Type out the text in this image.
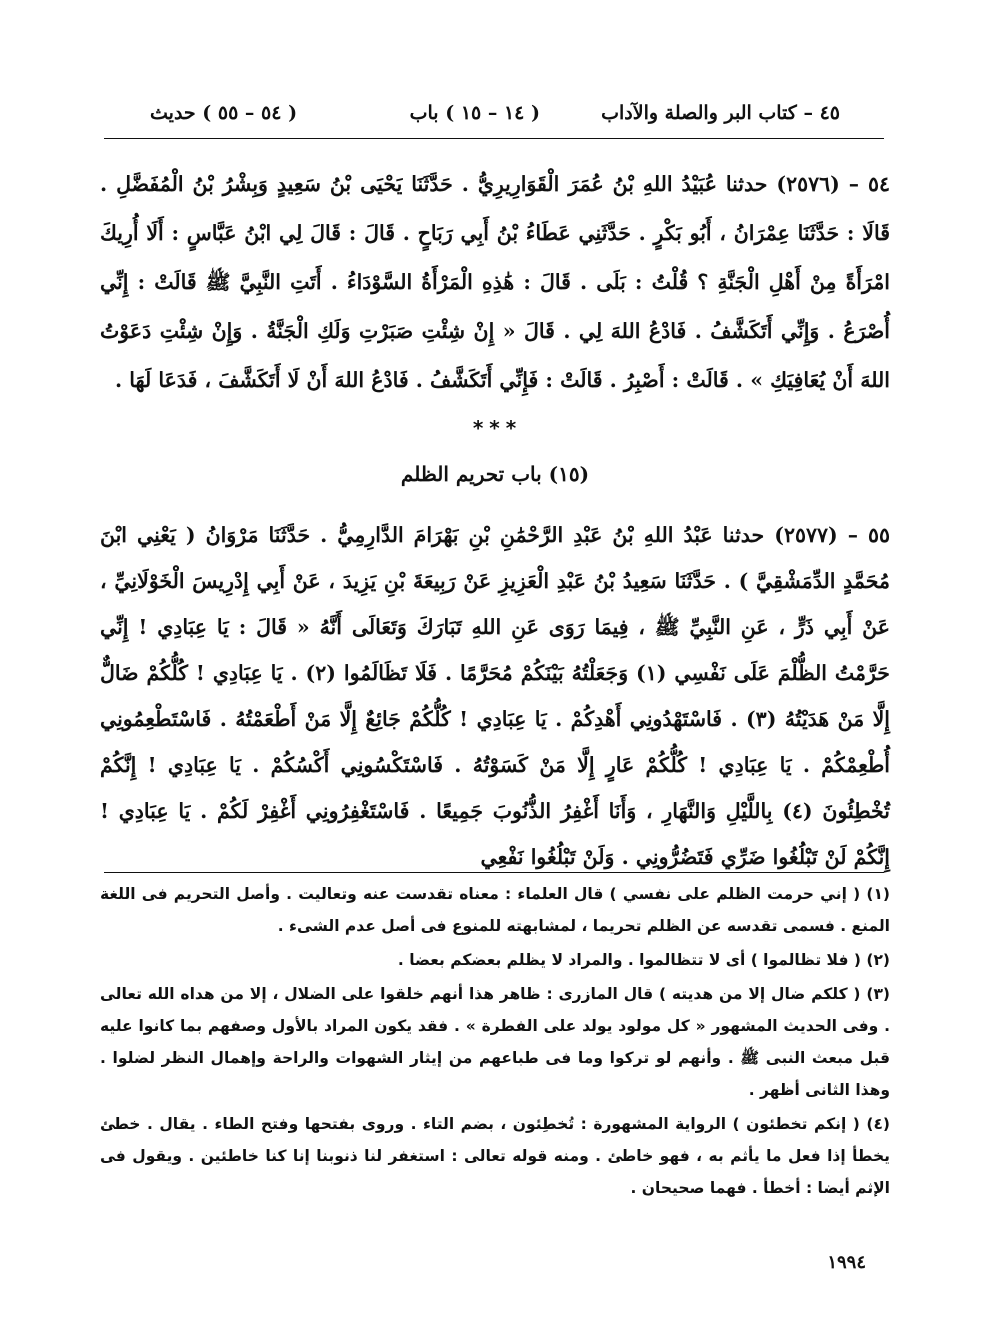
٤٥ – كتاب البر والصلة والآداب
( ٥٤ – ٥٥ ) حديث	( ١٤ – ١٥ ) باب
٥٤ – (٢٥٧٦) حدثنا عُبَيْدُ اللهِ بْنُ عُمَرَ الْقَوَارِيرِيُّ . حَدَّثَنَا يَحْيَى بْنُ سَعِيدٍ وَبِشْرُ بْنُ الْمُفَضَّلِ . قَالَا : حَدَّثَنَا عِمْرَانُ ، أَبُو بَكْرٍ . حَدَّثَنِي عَطَاءُ بْنُ أَبِي رَبَاحٍ . قَالَ : قَالَ لِي ابْنُ عَبَّاسٍ : أَلَا أُرِيكَ امْرَأَةً مِنْ أَهْلِ الْجَنَّةِ ؟ قُلْتُ : بَلَى . قَالَ : هَٰذِهِ الْمَرْأَةُ السَّوْدَاءُ . أَتَتِ النَّبِيَّ ﷺ قَالَتْ : إِنِّي أُصْرَعُ . وَإِنِّي أَتَكَشَّفُ . فَادْعُ اللهَ لِي . قَالَ « إِنْ شِئْتِ صَبَرْتِ وَلَكِ الْجَنَّةُ . وَإِنْ شِئْتِ دَعَوْتُ اللهَ أَنْ يُعَافِيَكِ » . قَالَتْ : أَصْبِرُ . قَالَتْ : فَإِنِّي أَتَكَشَّفُ . فَادْعُ اللهَ أَنْ لَا أَتَكَشَّفَ ، فَدَعَا لَهَا .
* * *
(١٥) باب تحريم الظلم
٥٥ – (٢٥٧٧) حدثنا عَبْدُ اللهِ بْنُ عَبْدِ الرَّحْمَٰنِ بْنِ بَهْرَامَ الدَّارِمِيُّ . حَدَّثَنَا مَرْوَانُ ( يَعْنِي ابْنَ مُحَمَّدٍ الدِّمَشْقِيَّ ) . حَدَّثَنَا سَعِيدُ بْنُ عَبْدِ الْعَزِيزِ عَنْ رَبِيعَةَ بْنِ يَزِيدَ ، عَنْ أَبِي إِدْرِيسَ الْخَوْلَانِيِّ ، عَنْ أَبِي ذَرٍّ ، عَنِ النَّبِيِّ ﷺ ، فِيمَا رَوَى عَنِ اللهِ تَبَارَكَ وَتَعَالَى أَنَّهُ « قَالَ : يَا عِبَادِي ! إِنِّي حَرَّمْتُ الظُّلْمَ عَلَى نَفْسِي (١) وَجَعَلْتُهُ بَيْنَكُمْ مُحَرَّمًا . فَلَا تَظَالَمُوا (٢) . يَا عِبَادِي ! كُلُّكُمْ ضَالٌّ إِلَّا مَنْ هَدَيْتُهُ (٣) . فَاسْتَهْدُونِي أَهْدِكُمْ . يَا عِبَادِي ! كُلُّكُمْ جَائِعٌ إِلَّا مَنْ أَطْعَمْتُهُ . فَاسْتَطْعِمُونِي أُطْعِمْكُمْ . يَا عِبَادِي ! كُلُّكُمْ عَارٍ إِلَّا مَنْ كَسَوْتُهُ . فَاسْتَكْسُونِي أَكْسُكُمْ . يَا عِبَادِي ! إِنَّكُمْ تُخْطِئُونَ (٤) بِاللَّيْلِ وَالنَّهَارِ ، وَأَنَا أَغْفِرُ الذُّنُوبَ جَمِيعًا . فَاسْتَغْفِرُونِي أَغْفِرْ لَكُمْ . يَا عِبَادِي ! إِنَّكُمْ لَنْ تَبْلُغُوا ضَرِّي فَتَضُرُّونِي . وَلَنْ تَبْلُغُوا نَفْعِي

(١) ( إني حرمت الظلم على نفسي ) قال العلماء : معناه تقدست عنه وتعاليت . وأصل التحريم فى اللغة المنع . فسمى تقدسه عن الظلم تحريما ، لمشابهته للمنوع فى أصل عدم الشىء .

(٢) ( فلا تظالموا ) أى لا تتظالموا . والمراد لا يظلم بعضكم بعضا .

(٣) ( كلكم ضال إلا من هديته ) قال المازرى : ظاهر هذا أنهم خلقوا على الضلال ، إلا من هداه الله تعالى . وفى الحديث المشهور « كل مولود يولد على الفطرة » . فقد يكون المراد بالأول وصفهم بما كانوا عليه قبل مبعث النبى ﷺ . وأنهم لو تركوا وما فى طباعهم من إيثار الشهوات والراحة وإهمال النظر لضلوا . وهذا الثانى أظهر .

(٤) ( إنكم تخطئون ) الرواية المشهورة : تُخطِئون ، بضم التاء . وروى بفتحها وفتح الطاء . يقال . خطئ يخطأ إذا فعل ما يأثم به ، فهو خاطئ . ومنه قوله تعالى : استغفر لنا ذنوبنا إنا كنا خاطئين . ويقول فى الإثم أيضا : أخطأ . فهما صحيحان .

١٩٩٤
